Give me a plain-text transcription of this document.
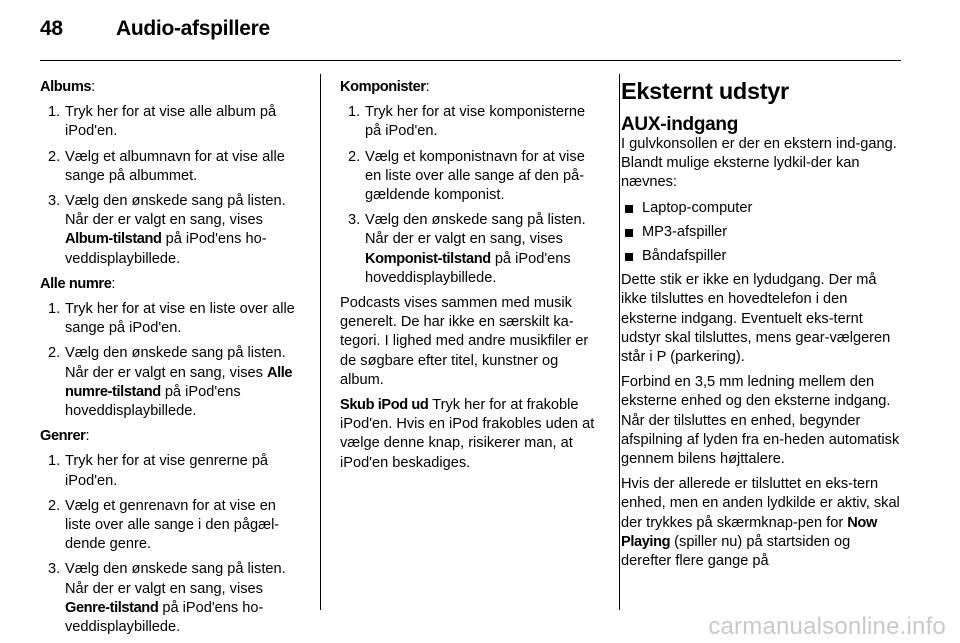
48	Audio-afspillere

Albums:

1. Tryk her for at vise alle album på iPod'en.
2. Vælg et albumnavn for at vise alle sange på albummet.
3. Vælg den ønskede sang på listen. Når der er valgt en sang, vises Album-tilstand på iPod'ens ho-veddisplaybillede.

Alle numre:

1. Tryk her for at vise en liste over alle sange på iPod'en.
2. Vælg den ønskede sang på listen. Når der er valgt en sang, vises Alle numre-tilstand på iPod'ens hoveddisplaybillede.

Genrer:

1. Tryk her for at vise genrerne på iPod'en.
2. Vælg et genrenavn for at vise en liste over alle sange i den pågæl-dende genre.
3. Vælg den ønskede sang på listen. Når der er valgt en sang, vises Genre-tilstand på iPod'ens ho-veddisplaybillede.

Komponister:

1. Tryk her for at vise komponisterne på iPod'en.
2. Vælg et komponistnavn for at vise en liste over alle sange af den på-gældende komponist.
3. Vælg den ønskede sang på listen. Når der er valgt en sang, vises Komponist-tilstand på iPod'ens hoveddisplaybillede.

Podcasts vises sammen med musik generelt. De har ikke en særskilt ka-tegori. I lighed med andre musikfiler er de søgbare efter titel, kunstner og album.

Skub iPod ud Tryk her for at frakoble iPod'en. Hvis en iPod frakobles uden at vælge denne knap, risikerer man, at iPod'en beskadiges.

Eksternt udstyr
AUX-indgang

I gulvkonsollen er der en ekstern ind-gang. Blandt mulige eksterne lydkil-der kan nævnes:

Laptop-computer
MP3-afspiller
Båndafspiller

Dette stik er ikke en lydudgang. Der må ikke tilsluttes en hovedtelefon i den eksterne indgang. Eventuelt eks-ternt udstyr skal tilsluttes, mens gear-vælgeren står i P (parkering).

Forbind en 3,5 mm ledning mellem den eksterne enhed og den eksterne indgang. Når der tilsluttes en enhed, begynder afspilning af lyden fra en-heden automatisk gennem bilens højttalere.

Hvis der allerede er tilsluttet en eks-tern enhed, men en anden lydkilde er aktiv, skal der trykkes på skærmknap-pen for Now Playing (spiller nu) på startsiden og derefter flere gange på

carmanualsonline.info
